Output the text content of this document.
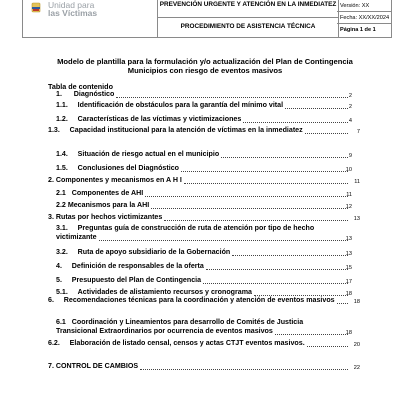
Unidad para
las Víctimas
PREVENCIÓN URGENTE Y ATENCIÓN EN LA INMEDIATEZ
PROCEDIMIENTO DE ASISTENCIA TÉCNICA
Versión: XX
Fecha: XX/XX/2024
Página 1 de 1
Modelo de plantilla para la formulación y/o actualización del Plan de Contingencia Municipios con riesgo de eventos masivos
Tabla de contenido
1.      Diagnóstico	2
1.1.     Identificación de obstáculos para la garantía del mínimo vital	2
1.2.     Características de las víctimas y victimizaciones	4
1.3.     Capacidad institucional para la atención de víctimas en la inmediatez	7
1.4.     Situación de riesgo actual en el municipio	9
1.5.     Conclusiones del Diagnóstico	10
2. Componentes y mecanismos en A H I	11
2.1   Componentes de AHI	11
2.2 Mecanismos para la AHI	12
3. Rutas por hechos victimizantes	13
3.1.     Preguntas guía de construcción de ruta de atención por tipo de hecho victimizante	13
3.2.     Ruta de apoyo subsidiario de la Gobernación	13
4.     Definición de responsables de la oferta	15
5.     Presupuesto del Plan de Contingencia	17
5.1.     Actividades de alistamiento recursos y cronograma	18
6.     Recomendaciones técnicas para la coordinación y atención de eventos masivos	18
6.1   Coordinación y Lineamientos para desarrollo de Comités de Justicia Transicional Extraordinarios por ocurrencia de eventos masivos	18
6.2.     Elaboración de listado censal, censos y actas CTJT eventos masivos.	20
7. CONTROL DE CAMBIOS	22
